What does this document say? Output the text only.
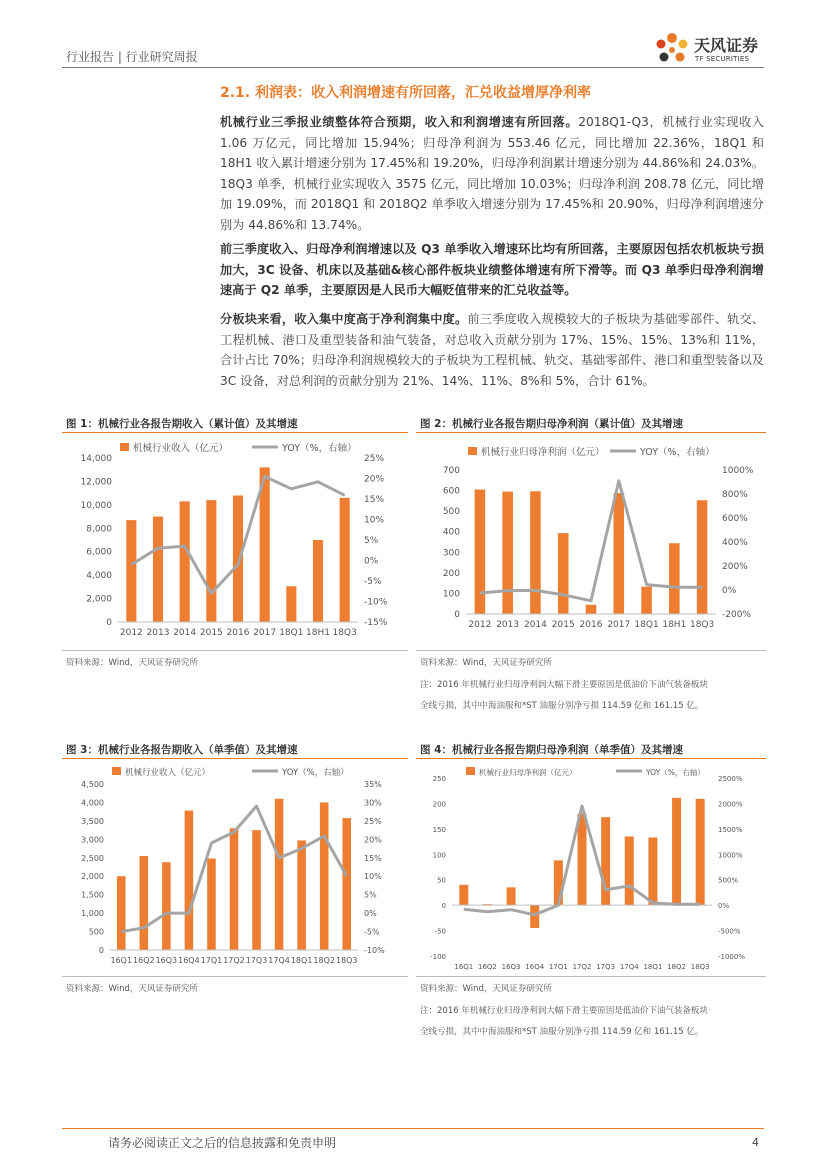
行业报告 | 行业研究周报
天风证券
TF SECURITIES
2.1. 利润表：收入利润增速有所回落，汇兑收益增厚净利率
机械行业三季报业绩整体符合预期，收入和利润增速有所回落。2018Q1-Q3，机械行业实现收入 1.06 万亿元，同比增加 15.94%；归母净利润为 553.46 亿元，同比增加 22.36%，18Q1 和 18H1 收入累计增速分别为 17.45%和 19.20%，归母净利润累计增速分别为 44.86%和 24.03%。18Q3 单季，机械行业实现收入 3575 亿元，同比增加 10.03%；归母净利润 208.78 亿元，同比增加 19.09%，而 2018Q1 和 2018Q2 单季收入增速分别为 17.45%和 20.90%，归母净利润增速分别为 44.86%和 13.74%。
前三季度收入、归母净利润增速以及 Q3 单季收入增速环比均有所回落，主要原因包括农机板块亏损加大，3C 设备、机床以及基础&核心部件板块业绩整体增速有所下滑等。而 Q3 单季归母净利润增速高于 Q2 单季，主要原因是人民币大幅贬值带来的汇兑收益等。
分板块来看，收入集中度高于净利润集中度。前三季度收入规模较大的子板块为基础零部件、轨交、工程机械、港口及重型装备和油气装备，对总收入贡献分别为 17%、15%、15%、13%和 11%，合计占比 70%；归母净利润规模较大的子板块为工程机械、轨交、基础零部件、港口和重型装备以及 3C 设备，对总利润的贡献分别为 21%、14%、11%、8%和 5%，合计 61%。
图 1：机械行业各报告期收入（累计值）及其增速
0
2,000
4,000
6,000
8,000
10,000
12,000
14,000
-15%
-10%
-5%
0%
5%
10%
15%
20%
25%
2012 2013 2014 2015 2016 2017 18Q1 18H1 18Q3
机械行业收入（亿元）	YOY（%，右轴）
资料来源：Wind，天风证券研究所
图 2：机械行业各报告期归母净利润（累计值）及其增速
0
100
200
300
400
500
600
700
-200%
0%
200%
400%
600%
800%
1000%
2012 2013 2014 2015 2016 2017 18Q1 18H1 18Q3
机械行业归母净利润（亿元）	YOY（%，右轴）
资料来源：Wind，天风证券研究所
注：2016 年机械行业归母净利润大幅下滑主要原因是低油价下油气装备板块
全线亏损，其中中海油服和*ST 油服分别净亏损 114.59 亿和 161.15 亿。
图 3：机械行业各报告期收入（单季值）及其增速
0
500
1,000
1,500
2,000
2,500
3,000
3,500
4,000
4,500
-10%
-5%
0%
5%
10%
15%
20%
25%
30%
35%
16Q1 16Q2 16Q3 16Q4 17Q1 17Q2 17Q3 17Q4 18Q1 18Q2 18Q3
机械行业收入（亿元）	YOY（%，右轴）
资料来源：Wind，天风证券研究所
图 4：机械行业各报告期归母净利润（单季值）及其增速
-100
-50
0
50
100
150
200
250
-1000%
-500%
0%
500%
1000%
1500%
2000%
2500%
16Q1 16Q2 16Q3 16Q4 17Q1 17Q2 17Q3 17Q4 18Q1 18Q2 18Q3
机械行业归母净利润（亿元）	YOY（%，右轴）
资料来源：Wind，天风证券研究所
注：2016 年机械行业归母净利润大幅下滑主要原因是低油价下油气装备板块
全线亏损，其中中海油服和*ST 油服分别净亏损 114.59 亿和 161.15 亿。
请务必阅读正文之后的信息披露和免责申明	4
